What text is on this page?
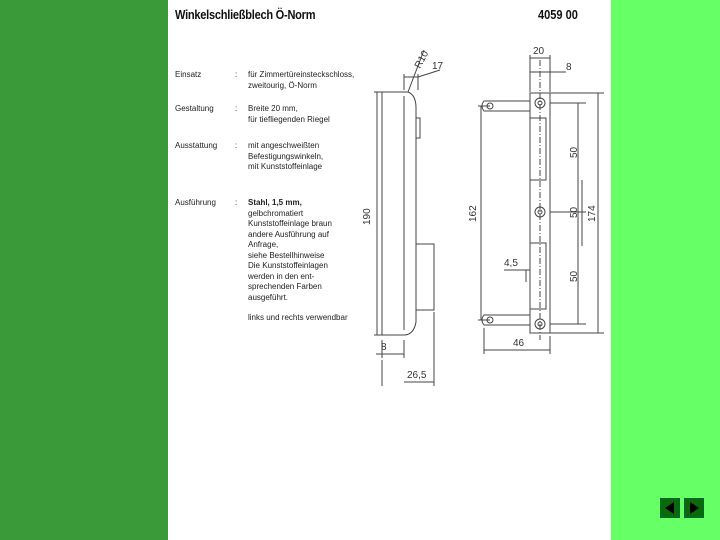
Winkelschließblech Ö-Norm	4059 00
Einsatz	: für Zimmertüreinsteckschloss,
zweitourig, Ö-Norm
Gestaltung	: Breite 20 mm,
für tiefliegenden Riegel
Ausstattung	: mit angeschweißten
Befestigungswinkeln,
mit Kunststoffeinlage
Ausführung	: Stahl, 1,5 mm,
gelbchromatiert
Kunststoffeinlage braun
andere Ausführung auf
Anfrage,
siehe Bestellhinweise
Die Kunststoffeinlagen
werden in den ent-
sprechenden Farben
ausgeführt.
links und rechts verwendbar
R10 17
190
8
26,5
20
8
50
162	50 174
4,5
50
46
